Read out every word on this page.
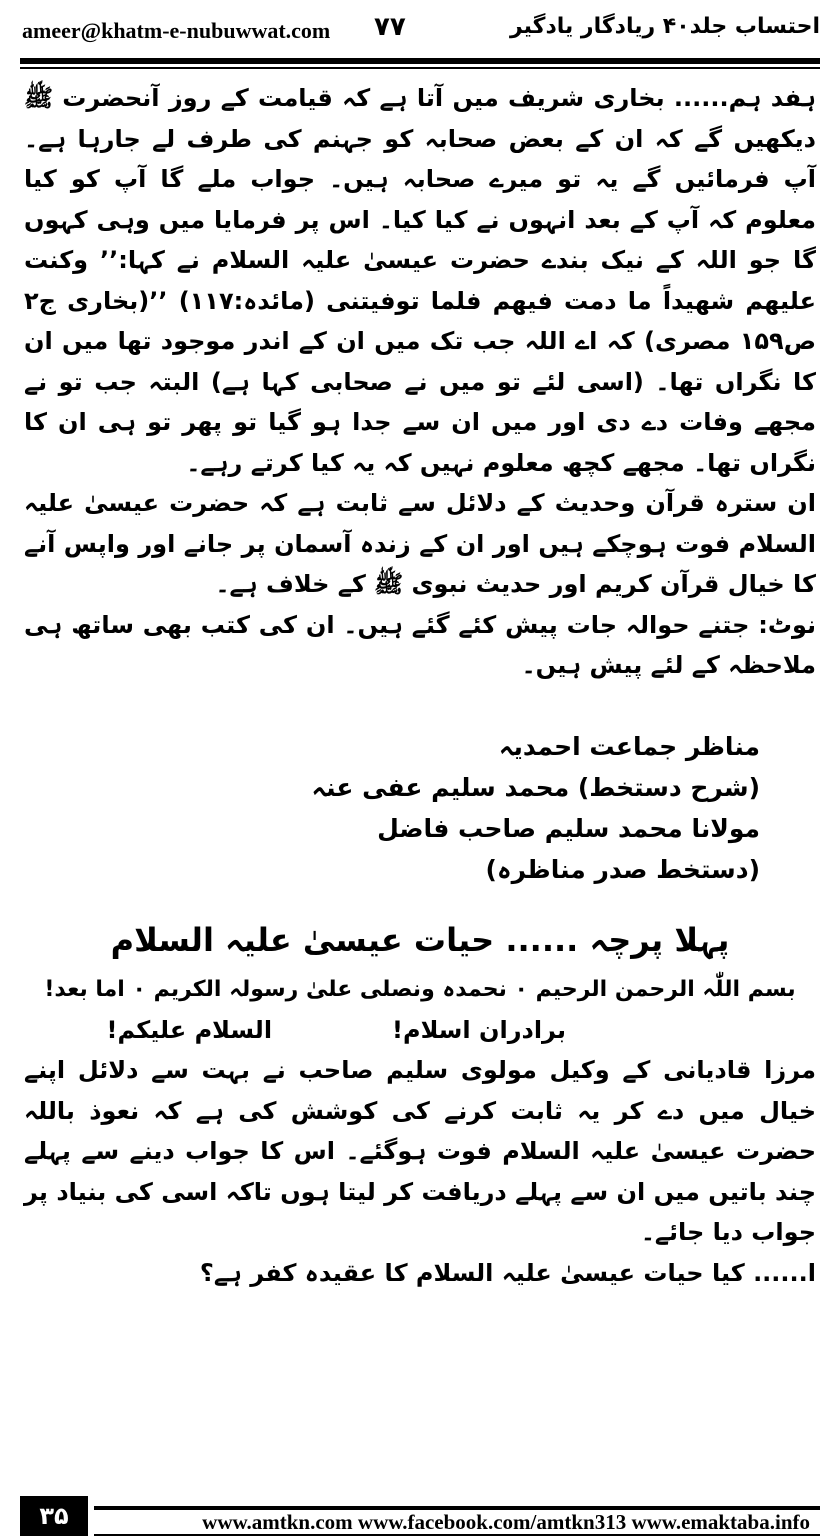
ameer@khatm-e-nubuwwat.com ۷۷	احتساب جلد۴۰ ریادگار یادگیر

ہفد ہم...... بخاری شریف میں آتا ہے کہ قیامت کے روز آنحضرت ﷺ دیکھیں گے کہ ان کے بعض صحابہ کو جہنم کی طرف لے جارہا ہے۔ آپ فرمائیں گے یہ تو میرے صحابہ ہیں۔ جواب ملے گا آپ کو کیا معلوم کہ آپ کے بعد انہوں نے کیا کیا۔ اس پر فرمایا میں وہی کہوں گا جو اللہ کے نیک بندے حضرت عیسیٰ علیہ السلام نے کہا:’’ وکنت علیھم شھیداً ما دمت فیھم فلما توفیتنی (مائدہ:۱۱۷) ’’(بخاری ج۲ ص۱۵۹ مصری) کہ اے اللہ جب تک میں ان کے اندر موجود تھا میں ان کا نگراں تھا۔ (اسی لئے تو میں نے صحابی کہا ہے) البتہ جب تو نے مجھے وفات دے دی اور میں ان سے جدا ہو گیا تو پھر تو ہی ان کا نگراں تھا۔ مجھے کچھ معلوم نہیں کہ یہ کیا کرتے رہے۔

ان سترہ قرآن وحدیث کے دلائل سے ثابت ہے کہ حضرت عیسیٰ علیہ السلام فوت ہوچکے ہیں اور ان کے زندہ آسمان پر جانے اور واپس آنے کا خیال قرآن کریم اور حدیث نبوی ﷺ کے خلاف ہے۔

نوٹ: جتنے حوالہ جات پیش کئے گئے ہیں۔ ان کی کتب بھی ساتھ ہی ملاحظہ کے لئے پیش ہیں۔

مناظر جماعت احمدیہ
(شرح دستخط) محمد سلیم عفی عنہ
مولانا محمد سلیم صاحب فاضل
(دستخط صدر مناظرہ)
پہلا پرچہ ...... حیات عیسیٰ علیہ السلام
بسم اللّٰہ الرحمن الرحیم ۰ نحمدہ ونصلی علیٰ رسولہ الکریم ۰ اما بعد!
برادران اسلام!
السلام علیکم!

مرزا قادیانی کے وکیل مولوی سلیم صاحب نے بہت سے دلائل اپنے خیال میں دے کر یہ ثابت کرنے کی کوشش کی ہے کہ نعوذ باللہ حضرت عیسیٰ علیہ السلام فوت ہوگئے۔ اس کا جواب دینے سے پہلے چند باتیں میں ان سے پہلے دریافت کر لیتا ہوں تاکہ اسی کی بنیاد پر جواب دیا جائے۔

ا...... کیا حیات عیسیٰ علیہ السلام کا عقیدہ کفر ہے؟

۳۵	www.amtkn.com www.facebook.com/amtkn313 www.emaktaba.info
